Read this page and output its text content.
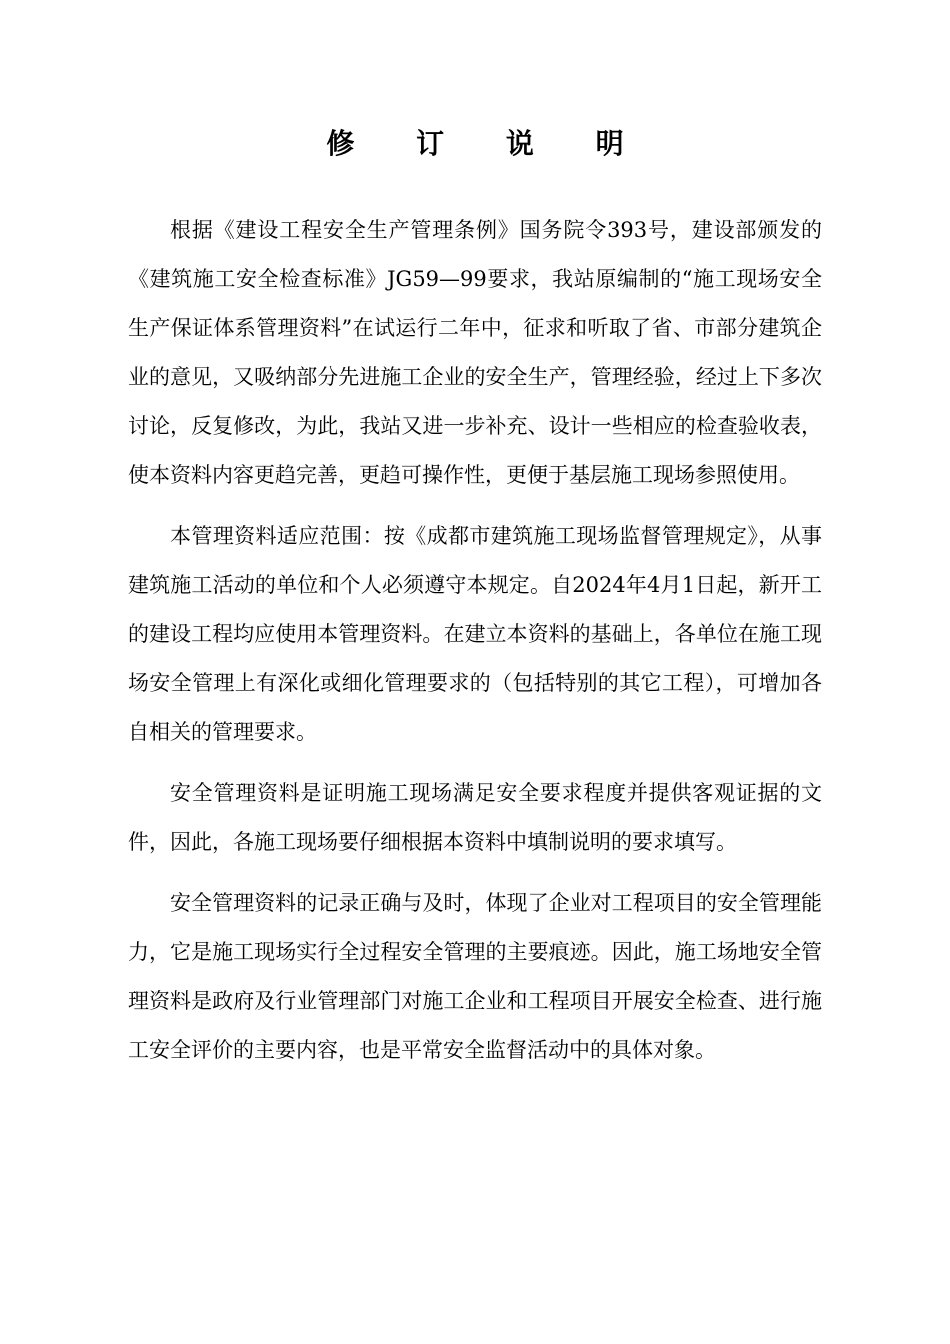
修 订 说 明

根据《建设工程安全生产管理条例》国务院令393号，建设部颁发的《建筑施工安全检查标准》JG59—99要求，我站原编制的“施工现场安全生产保证体系管理资料”在试运行二年中，征求和听取了省、市部分建筑企业的意见，又吸纳部分先进施工企业的安全生产，管理经验，经过上下多次讨论，反复修改，为此，我站又进一步补充、设计一些相应的检查验收表，使本资料内容更趋完善，更趋可操作性，更便于基层施工现场参照使用。

本管理资料适应范围：按《成都市建筑施工现场监督管理规定》，从事建筑施工活动的单位和个人必须遵守本规定。自2024年4月1日起，新开工的建设工程均应使用本管理资料。在建立本资料的基础上，各单位在施工现场安全管理上有深化或细化管理要求的（包括特别的其它工程），可增加各自相关的管理要求。

安全管理资料是证明施工现场满足安全要求程度并提供客观证据的文件，因此，各施工现场要仔细根据本资料中填制说明的要求填写。

安全管理资料的记录正确与及时，体现了企业对工程项目的安全管理能力，它是施工现场实行全过程安全管理的主要痕迹。因此，施工场地安全管理资料是政府及行业管理部门对施工企业和工程项目开展安全检查、进行施工安全评价的主要内容，也是平常安全监督活动中的具体对象。
